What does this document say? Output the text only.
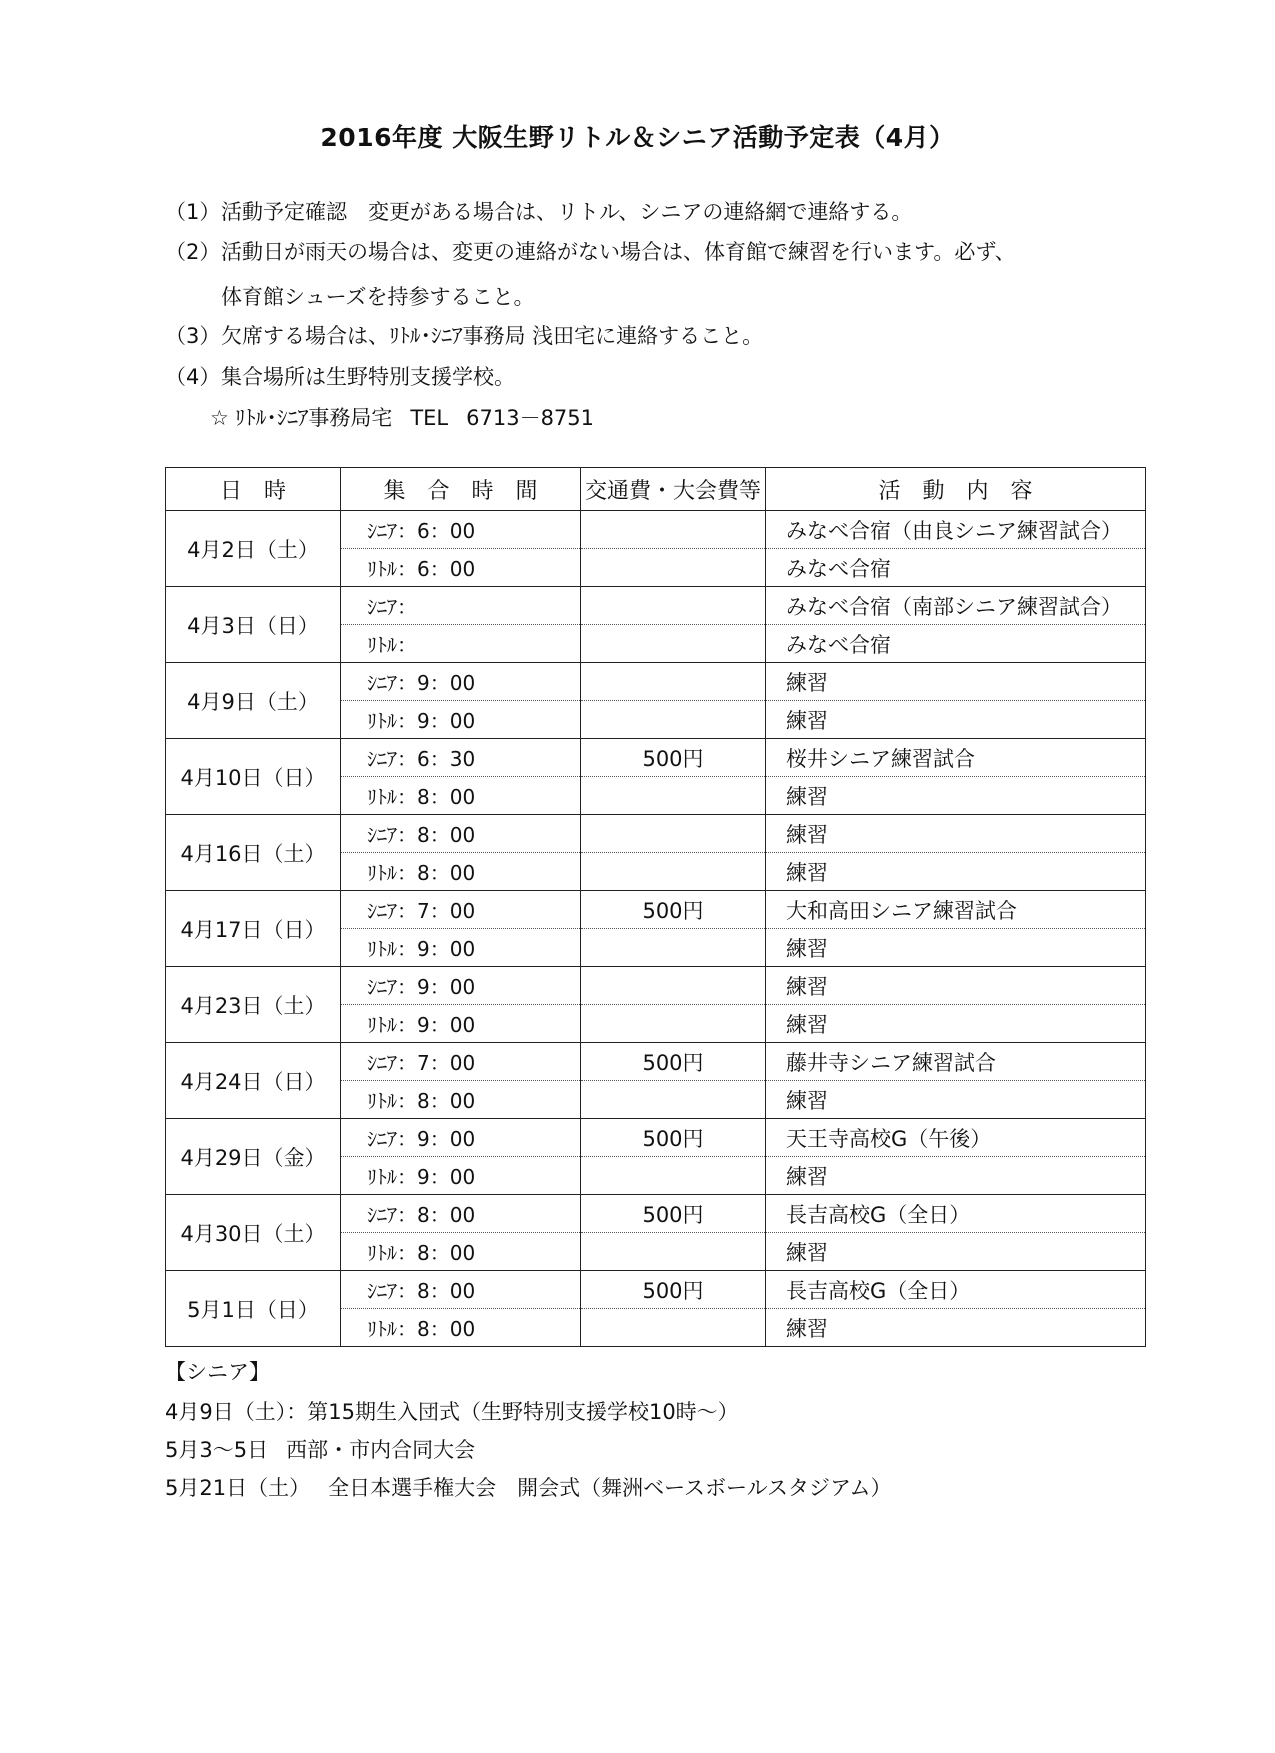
2016年度 大阪生野リトル＆シニア活動予定表（4月）
（1）活動予定確認　変更がある場合は、リトル、シニアの連絡網で連絡する。
（2）活動日が雨天の場合は、変更の連絡がない場合は、体育館で練習を行います。必ず、
体育館シューズを持参すること。
（3）欠席する場合は、ﾘﾄﾙ･ｼﾆｱ事務局 浅田宅に連絡すること。
（4）集合場所は生野特別支援学校。
☆ ﾘﾄﾙ･ｼﾆｱ事務局宅 TEL 6713－8751
日　時	集　合　時　間	交通費・大会費等	活　動　内　容
4月2日（土）	ｼﾆｱ：6：00		みなべ合宿（由良シニア練習試合）
	ﾘﾄﾙ：6：00		みなべ合宿
4月3日（日）	ｼﾆｱ：		みなべ合宿（南部シニア練習試合）
	ﾘﾄﾙ：		みなべ合宿
4月9日（土）	ｼﾆｱ：9：00		練習
	ﾘﾄﾙ：9：00		練習
4月10日（日）	ｼﾆｱ：6：30	500円	桜井シニア練習試合
	ﾘﾄﾙ：8：00		練習
4月16日（土）	ｼﾆｱ：8：00		練習
	ﾘﾄﾙ：8：00		練習
4月17日（日）	ｼﾆｱ：7：00	500円	大和高田シニア練習試合
	ﾘﾄﾙ：9：00		練習
4月23日（土）	ｼﾆｱ：9：00		練習
	ﾘﾄﾙ：9：00		練習
4月24日（日）	ｼﾆｱ：7：00	500円	藤井寺シニア練習試合
	ﾘﾄﾙ：8：00		練習
4月29日（金）	ｼﾆｱ：9：00	500円	天王寺高校G（午後）
	ﾘﾄﾙ：9：00		練習
4月30日（土）	ｼﾆｱ：8：00	500円	長吉高校G（全日）
	ﾘﾄﾙ：8：00		練習
5月1日（日）	ｼﾆｱ：8：00	500円	長吉高校G（全日）
	ﾘﾄﾙ：8：00		練習
【シニア】
4月9日（土）：第15期生入団式（生野特別支援学校10時～）
5月3～5日 西部・市内合同大会
5月21日（土） 全日本選手権大会　開会式（舞洲ベースボールスタジアム）
